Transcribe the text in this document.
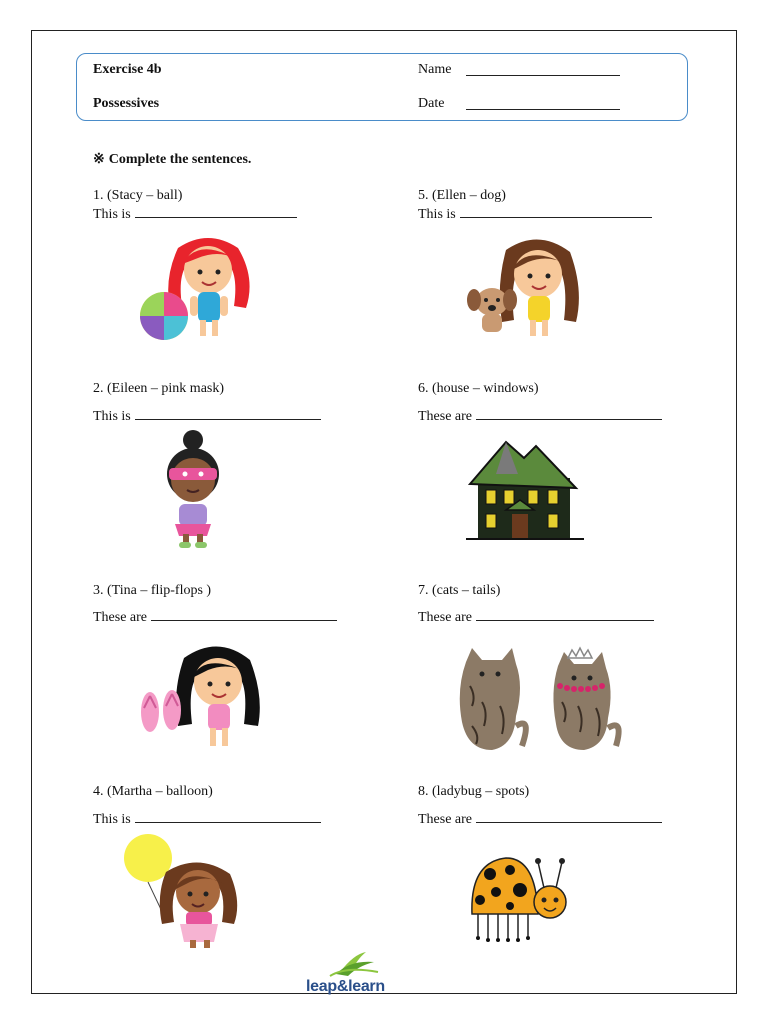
Exercise 4b
Possessives
Name
Date
※ Complete the sentences.
1. (Stacy – ball)
This is
5. (Ellen – dog)
This is
2. (Eileen – pink mask)
This is
6. (house – windows)
These are
3. (Tina – flip-flops )
These are
7. (cats – tails)
These are
4. (Martha – balloon)
This is
8. (ladybug – spots)
These are
leap&learn
